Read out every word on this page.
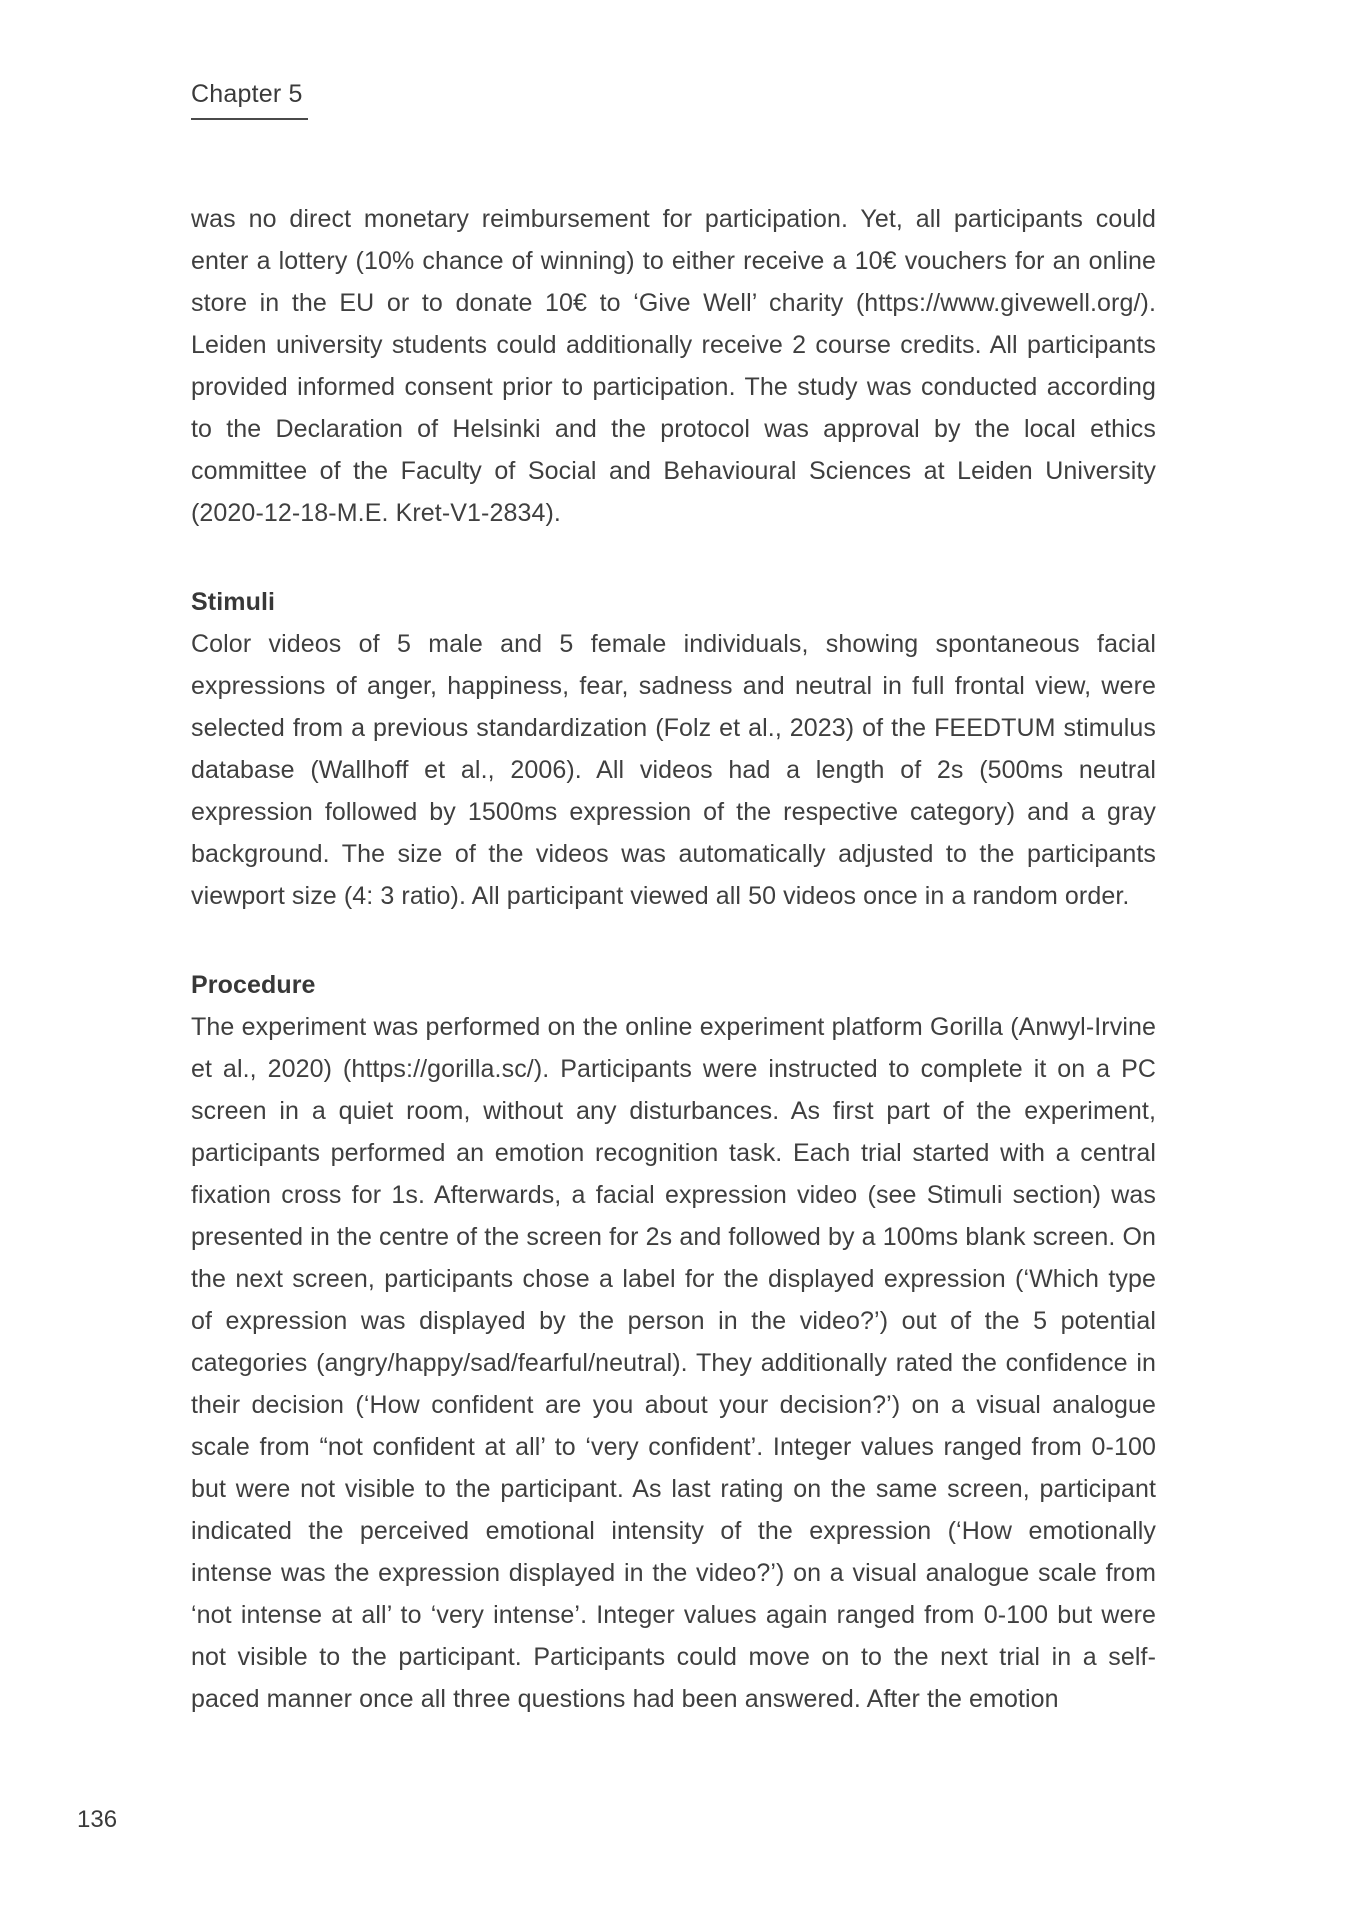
Chapter 5

was no direct monetary reimbursement for participation. Yet, all participants could enter a lottery (10% chance of winning) to either receive a 10€ vouchers for an online store in the EU or to donate 10€ to ‘Give Well’ charity (https://www.givewell.org/). Leiden university students could additionally receive 2 course credits. All participants provided informed consent prior to participation. The study was conducted according to the Declaration of Helsinki and the protocol was approval by the local ethics committee of the Faculty of Social and Behavioural Sciences at Leiden University (2020-12-18-M.E. Kret-V1-2834).

Stimuli

Color videos of 5 male and 5 female individuals, showing spontaneous facial expressions of anger, happiness, fear, sadness and neutral in full frontal view, were selected from a previous standardization (Folz et al., 2023) of the FEEDTUM stimulus database (Wallhoff et al., 2006). All videos had a length of 2s (500ms neutral expression followed by 1500ms expression of the respective category) and a gray background. The size of the videos was automatically adjusted to the participants viewport size (4: 3 ratio). All participant viewed all 50 videos once in a random order.

Procedure

The experiment was performed on the online experiment platform Gorilla (Anwyl-Irvine et al., 2020) (https://gorilla.sc/). Participants were instructed to complete it on a PC screen in a quiet room, without any disturbances. As first part of the experiment, participants performed an emotion recognition task. Each trial started with a central fixation cross for 1s. Afterwards, a facial expression video (see Stimuli section) was presented in the centre of the screen for 2s and followed by a 100ms blank screen. On the next screen, participants chose a label for the displayed expression (‘Which type of expression was displayed by the person in the video?’) out of the 5 potential categories (angry/happy/sad/fearful/neutral). They additionally rated the confidence in their decision (‘How confident are you about your decision?’) on a visual analogue scale from “not confident at all’ to ‘very confident’. Integer values ranged from 0-100 but were not visible to the participant. As last rating on the same screen, participant indicated the perceived emotional intensity of the expression (‘How emotionally intense was the expression displayed in the video?’) on a visual analogue scale from ‘not intense at all’ to ‘very intense’. Integer values again ranged from 0-100 but were not visible to the participant. Participants could move on to the next trial in a self-paced manner once all three questions had been answered. After the emotion

136
